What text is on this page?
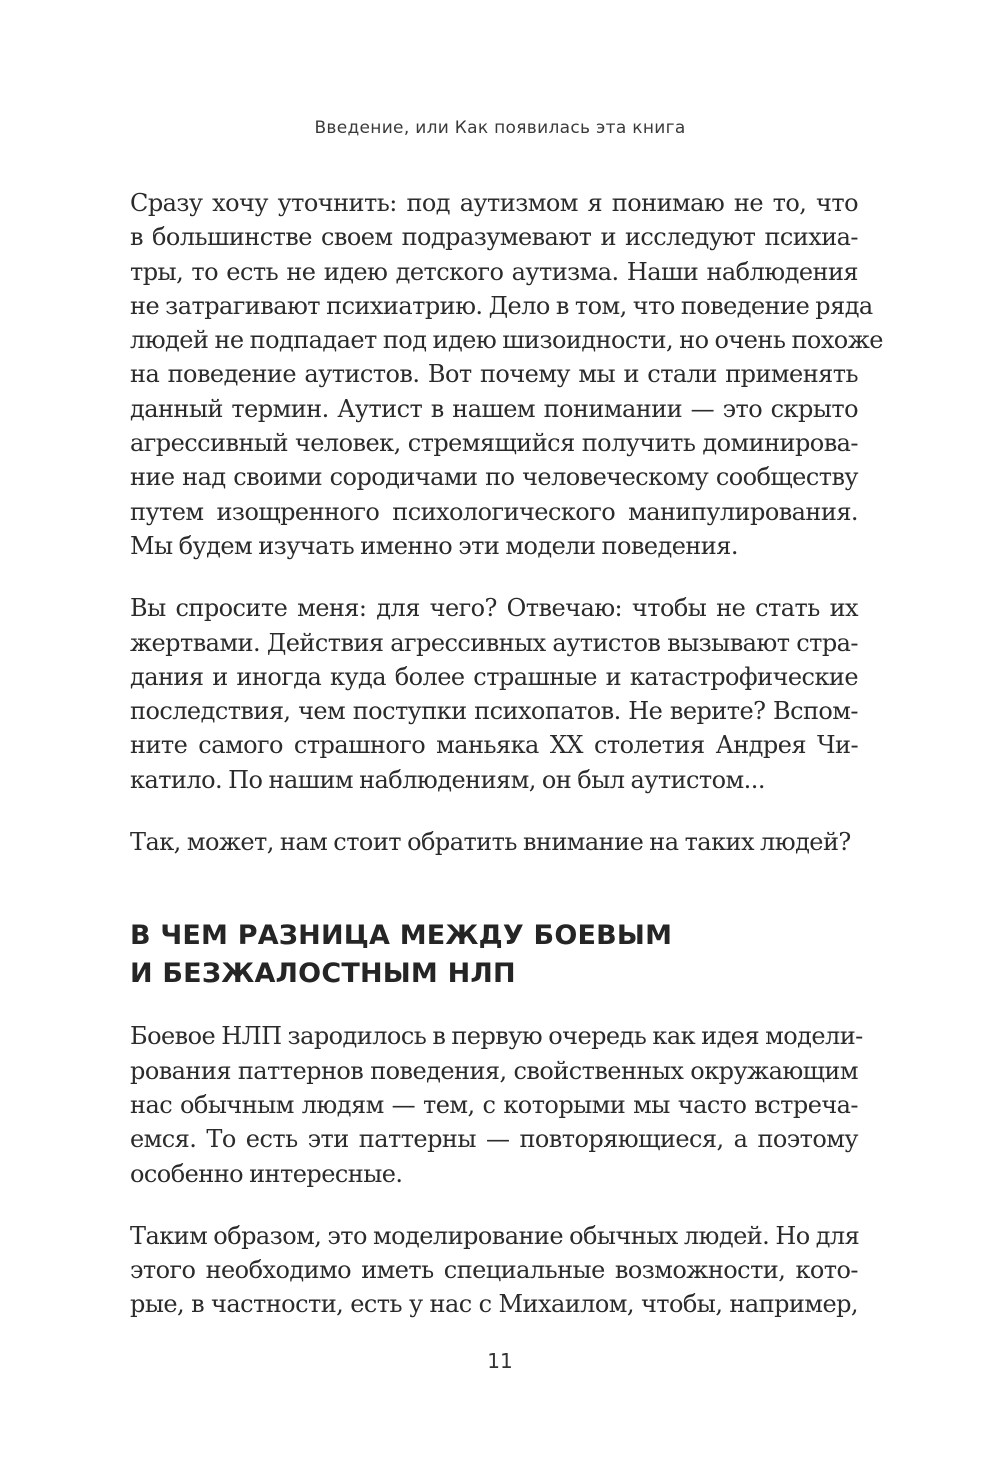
Введение, или Как появилась эта книга

Сразу хочу уточнить: под аутизмом я понимаю не то, что
в большинстве своем подразумевают и исследуют психиа-
тры, то есть не идею детского аутизма. Наши наблюдения
не затрагивают психиатрию. Дело в том, что поведение ряда
людей не подпадает под идею шизоидности, но очень похоже
на поведение аутистов. Вот почему мы и стали применять
данный термин. Аутист в нашем понимании — это скрыто
агрессивный человек, стремящийся получить доминирова-
ние над своими сородичами по человеческому сообществу
путем изощренного психологического манипулирования.
Мы будем изучать именно эти модели поведения.

Вы спросите меня: для чего? Отвечаю: чтобы не стать их
жертвами. Действия агрессивных аутистов вызывают стра-
дания и иногда куда более страшные и катастрофические
последствия, чем поступки психопатов. Не верите? Вспом-
ните самого страшного маньяка XX столетия Андрея Чи-
катило. По нашим наблюдениям, он был аутистом...

Так, может, нам стоит обратить внимание на таких людей?

В ЧЕМ РАЗНИЦА МЕЖДУ БОЕВЫМ
И БЕЗЖАЛОСТНЫМ НЛП

Боевое НЛП зародилось в первую очередь как идея модели-
рования паттернов поведения, свойственных окружающим
нас обычным людям — тем, с которыми мы часто встреча-
емся. То есть эти паттерны — повторяющиеся, а поэтому
особенно интересные.

Таким образом, это моделирование обычных людей. Но для
этого необходимо иметь специальные возможности, кото-
рые, в частности, есть у нас с Михаилом, чтобы, например,

11
